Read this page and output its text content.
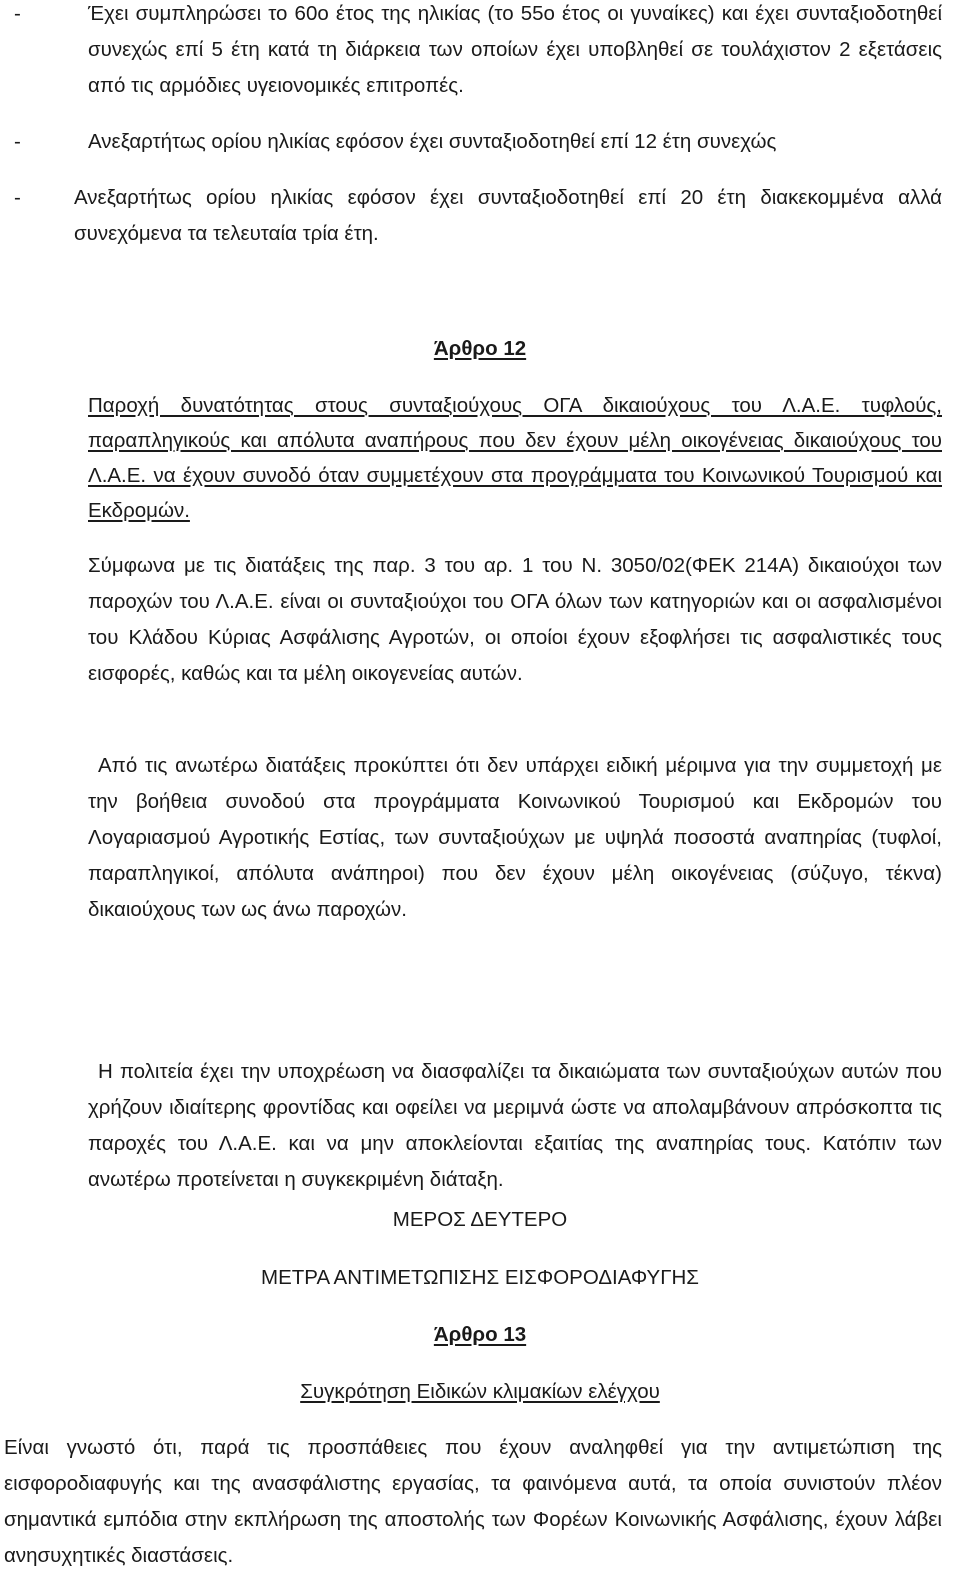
-	Έχει συμπληρώσει το 60ο έτος της ηλικίας (το 55ο έτος οι γυναίκες) και έχει συνταξιοδοτηθεί συνεχώς επί 5 έτη κατά τη διάρκεια των οποίων έχει υποβληθεί σε τουλάχιστον 2 εξετάσεις από τις αρμόδιες υγειονομικές επιτροπές.
-	Ανεξαρτήτως ορίου ηλικίας εφόσον έχει συνταξιοδοτηθεί επί 12 έτη συνεχώς
-	Ανεξαρτήτως ορίου ηλικίας εφόσον έχει συνταξιοδοτηθεί επί 20 έτη διακεκομμένα αλλά συνεχόμενα τα τελευταία τρία έτη.

Άρθρο 12

Παροχή δυνατότητας στους συνταξιούχους ΟΓΑ δικαιούχους του Λ.Α.Ε. τυφλούς, παραπληγικούς και απόλυτα αναπήρους που δεν έχουν μέλη οικογένειας δικαιούχους του Λ.Α.Ε. να έχουν συνοδό όταν συμμετέχουν στα προγράμματα του Κοινωνικού Τουρισμού και Εκδρομών.

Σύμφωνα με τις διατάξεις της παρ. 3 του αρ. 1 του Ν. 3050/02(ΦΕΚ 214Α) δικαιούχοι των παροχών του Λ.Α.Ε. είναι οι συνταξιούχοι του ΟΓΑ όλων των κατηγοριών και οι ασφαλισμένοι του Κλάδου Κύριας Ασφάλισης Αγροτών, οι οποίοι έχουν εξοφλήσει τις ασφαλιστικές τους εισφορές, καθώς και τα μέλη οικογενείας αυτών.

Από τις ανωτέρω διατάξεις προκύπτει ότι δεν υπάρχει ειδική μέριμνα για την συμμετοχή με την βοήθεια συνοδού στα προγράμματα Κοινωνικού Τουρισμού και Εκδρομών του Λογαριασμού Αγροτικής Εστίας, των συνταξιούχων με υψηλά ποσοστά αναπηρίας (τυφλοί, παραπληγικοί, απόλυτα ανάπηροι) που δεν έχουν μέλη οικογένειας (σύζυγο, τέκνα) δικαιούχους των ως άνω παροχών.

Η πολιτεία έχει την υποχρέωση να διασφαλίζει τα δικαιώματα των συνταξιούχων αυτών που χρήζουν ιδιαίτερης φροντίδας και οφείλει να μεριμνά ώστε να απολαμβάνουν απρόσκοπτα τις παροχές του Λ.Α.Ε. και να μην αποκλείονται εξαιτίας της αναπηρίας τους. Κατόπιν των ανωτέρω προτείνεται η συγκεκριμένη διάταξη.

ΜΕΡΟΣ ΔΕΥΤΕΡΟ

ΜΕΤΡΑ ΑΝΤΙΜΕΤΩΠΙΣΗΣ ΕΙΣΦΟΡΟΔΙΑΦΥΓΗΣ

Άρθρο 13

Συγκρότηση Ειδικών κλιμακίων ελέγχου

Είναι γνωστό ότι, παρά τις προσπάθειες που έχουν αναληφθεί για την αντιμετώπιση της εισφοροδιαφυγής και της ανασφάλιστης εργασίας, τα φαινόμενα αυτά, τα οποία συνιστούν πλέον σημαντικά εμπόδια στην εκπλήρωση της αποστολής των Φορέων Κοινωνικής Ασφάλισης, έχουν λάβει ανησυχητικές διαστάσεις.
